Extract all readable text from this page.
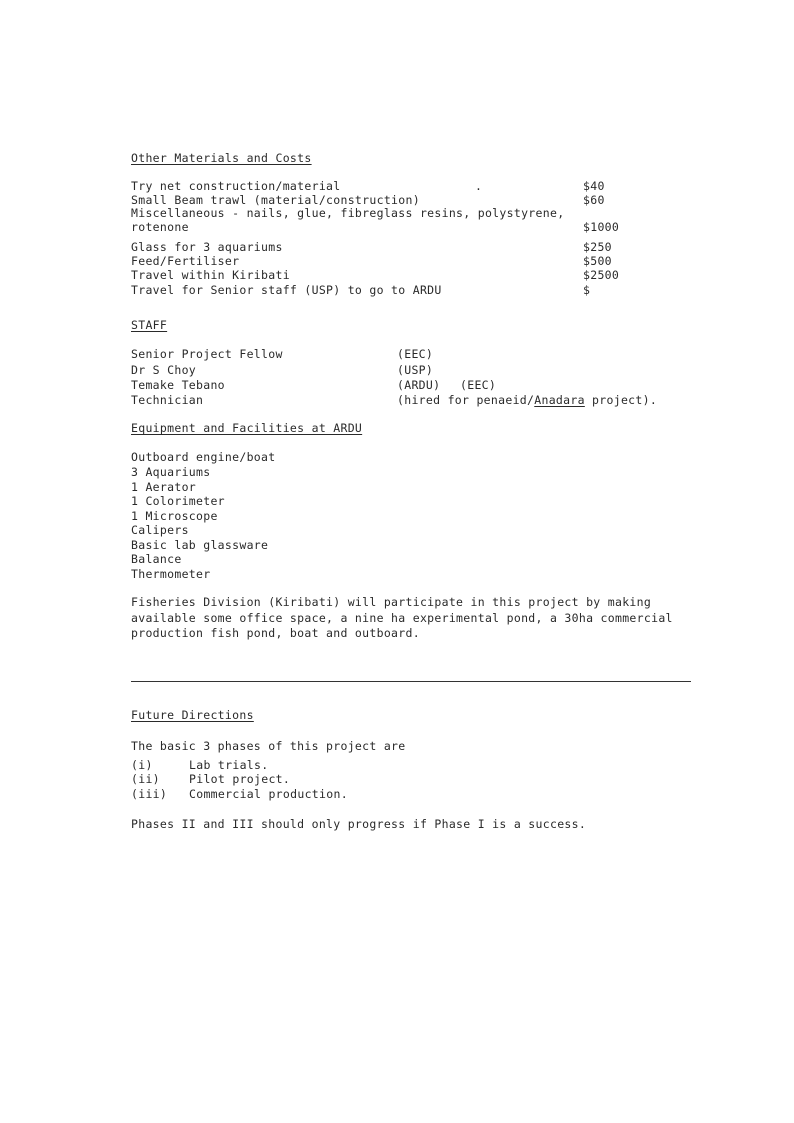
Other Materials and Costs
Try net construction/material	.	$40
Small Beam trawl (material/construction)	$60
Miscellaneous - nails, glue, fibreglass resins, polystyrene,
rotenone	$1000
Glass for 3 aquariums	$250
Feed/Fertiliser	$500
Travel within Kiribati	$2500
Travel for Senior staff (USP) to go to ARDU	$
STAFF
Senior Project Fellow	(EEC)
Dr S Choy	(USP)
Temake Tebano	(ARDU) (EEC)
Technician	(hired for penaeid/Anadara project).
Equipment and Facilities at ARDU
Outboard engine/boat
3 Aquariums
1 Aerator
1 Colorimeter
1 Microscope
Calipers
Basic lab glassware
Balance
Thermometer
Fisheries Division (Kiribati) will participate in this project by making
available some office space, a nine ha experimental pond, a 30ha commercial
production fish pond, boat and outboard.
Future Directions
The basic 3 phases of this project are
(i)	Lab trials.
(ii)	Pilot project.
(iii) Commercial production.
Phases II and III should only progress if Phase I is a success.
